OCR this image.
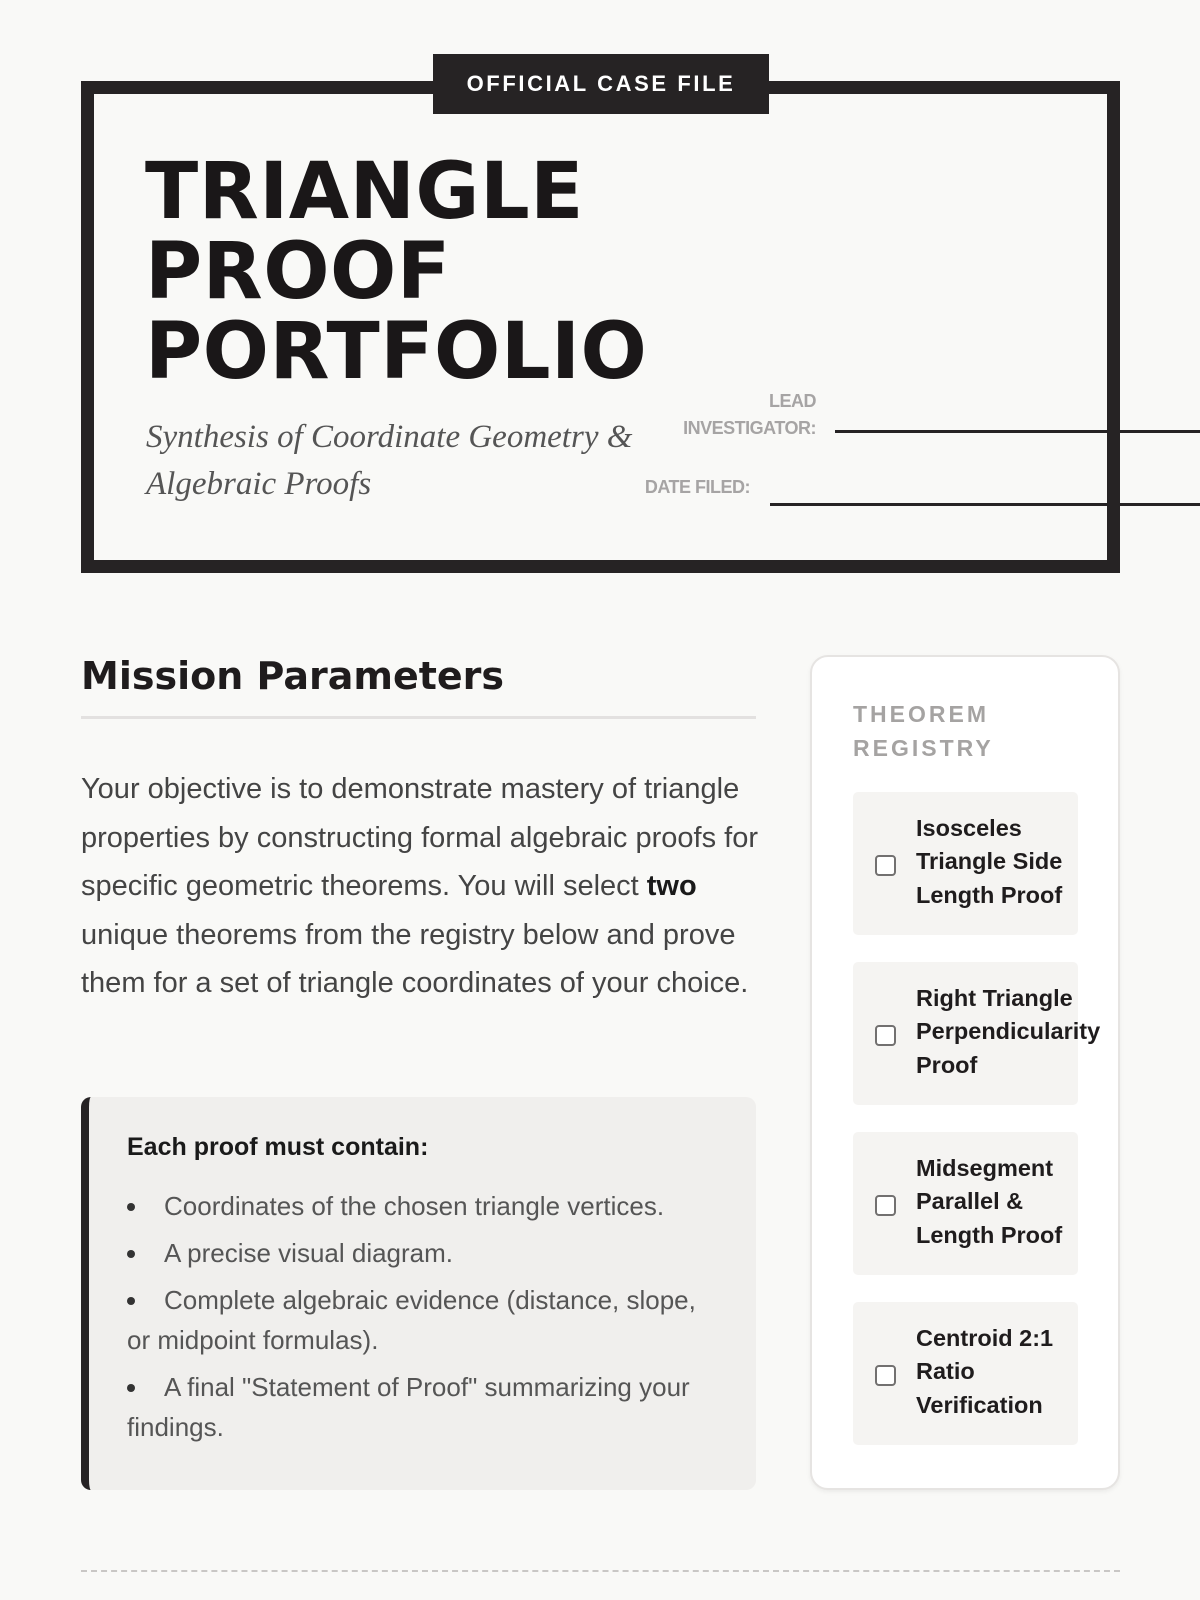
OFFICIAL CASE FILE
TRIANGLE
PROOF
PORTFOLIO
Synthesis of Coordinate Geometry &
Algebraic Proofs
LEAD
INVESTIGATOR:
DATE FILED:
Mission Parameters

Your objective is to demonstrate mastery of triangle properties by constructing formal algebraic proofs for specific geometric theorems. You will select two unique theorems from the registry below and prove them for a set of triangle coordinates of your choice.

Each proof must contain:
Coordinates of the chosen triangle vertices.
A precise visual diagram.
Complete algebraic evidence (distance, slope, or midpoint formulas).
A final "Statement of Proof" summarizing your findings.
THEOREM REGISTRY
Isosceles
Triangle Side
Length Proof
Right Triangle
Perpendicularity
Proof
Midsegment
Parallel &
Length Proof
Centroid 2:1
Ratio
Verification
